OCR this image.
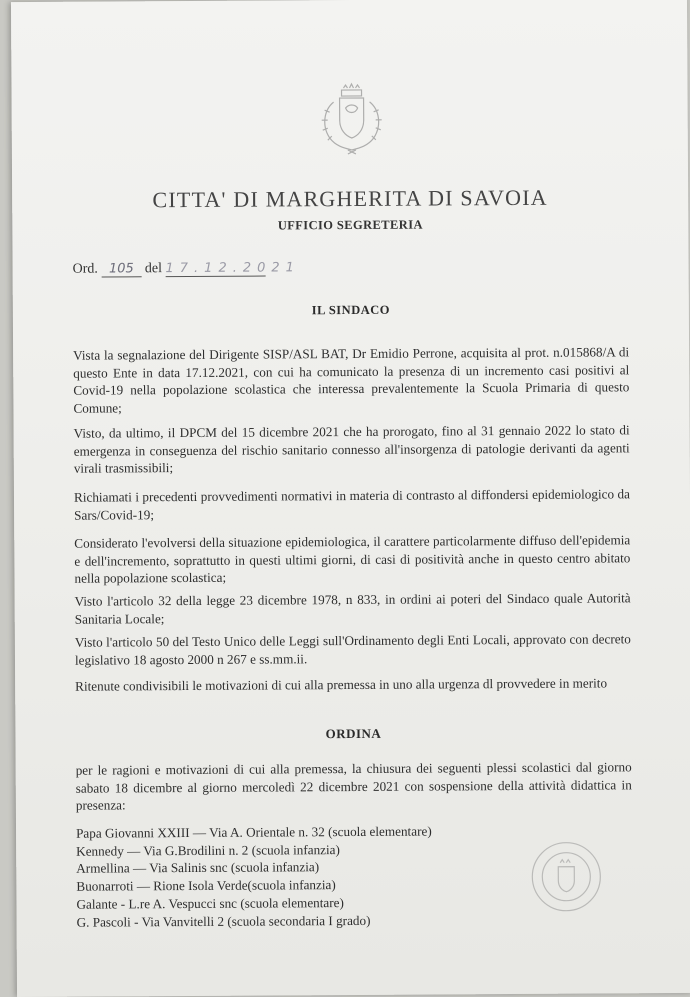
CITTA' DI MARGHERITA DI SAVOIA
UFFICIO SEGRETERIA
Ord. 105 del 17.12.2021
IL SINDACO
Vista la segnalazione del Dirigente SISP/ASL BAT, Dr Emidio Perrone, acquisita al prot. n.015868/A di questo Ente in data 17.12.2021, con cui ha comunicato la presenza di un incremento casi positivi al Covid-19 nella popolazione scolastica che interessa prevalentemente la Scuola Primaria di questo Comune;
Visto, da ultimo, il DPCM del 15 dicembre 2021 che ha prorogato, fino al 31 gennaio 2022 lo stato di emergenza in conseguenza del rischio sanitario connesso all'insorgenza di patologie derivanti da agenti virali trasmissibili;
Richiamati i precedenti provvedimenti normativi in materia di contrasto al diffondersi epidemiologico da Sars/Covid-19;
Considerato l'evolversi della situazione epidemiologica, il carattere particolarmente diffuso dell'epidemia e dell'incremento, soprattutto in questi ultimi giorni, di casi di positività anche in questo centro abitato nella popolazione scolastica;
Visto l'articolo 32 della legge 23 dicembre 1978, n 833, in ordini ai poteri del Sindaco quale Autorità Sanitaria Locale;
Visto l'articolo 50 del Testo Unico delle Leggi sull'Ordinamento degli Enti Locali, approvato con decreto legislativo 18 agosto 2000 n 267 e ss.mm.ii.
Ritenute condivisibili le motivazioni di cui alla premessa in uno alla urgenza dl provvedere in merito
ORDINA
per le ragioni e motivazioni di cui alla premessa, la chiusura dei seguenti plessi scolastici dal giorno sabato 18 dicembre al giorno mercoledì 22 dicembre 2021 con sospensione della attività didattica in presenza:
Papa Giovanni XXIII — Via A. Orientale n. 32 (scuola elementare)
Kennedy — Via G.Brodilini n. 2 (scuola infanzia)
Armellina — Via Salinis snc (scuola infanzia)
Buonarroti — Rione Isola Verde(scuola infanzia)
Galante - L.re A. Vespucci snc (scuola elementare)
G. Pascoli - Via Vanvitelli 2 (scuola secondaria I grado)
